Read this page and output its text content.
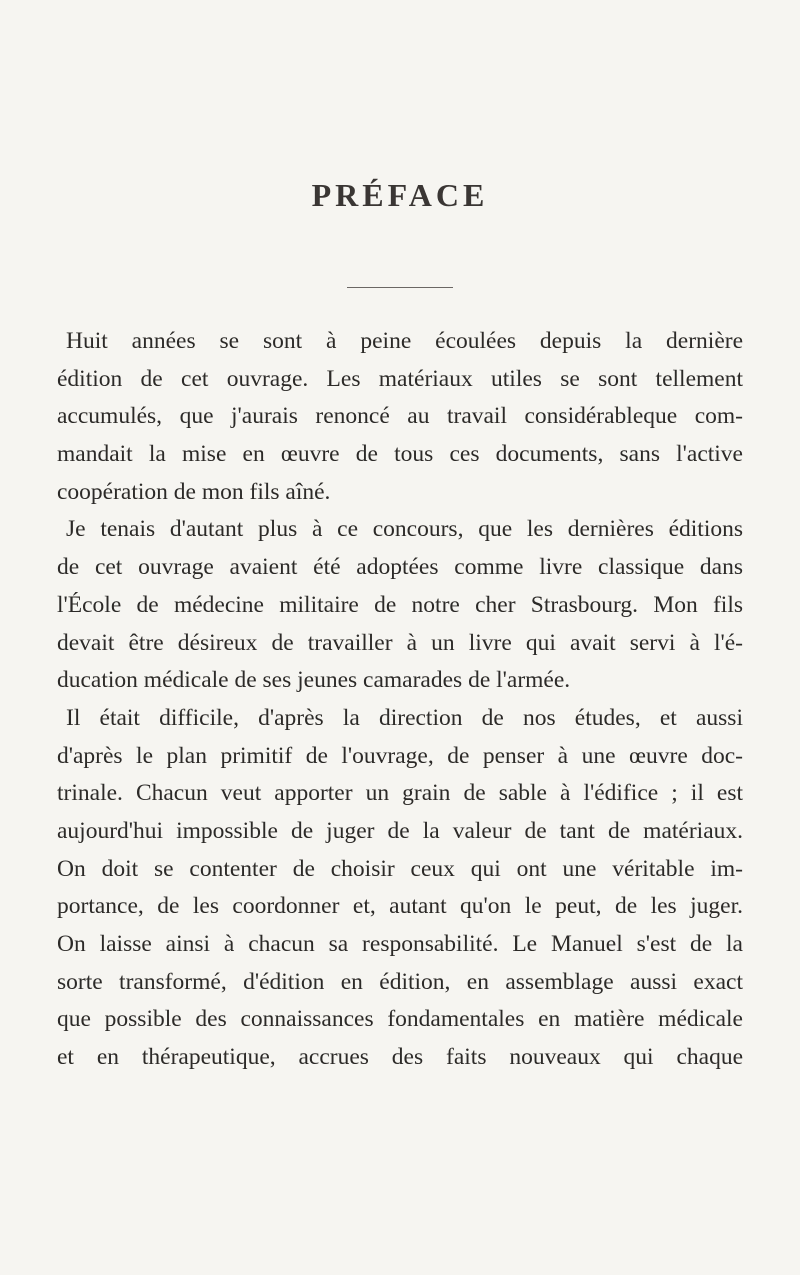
PRÉFACE
Huit années se sont à peine écoulées depuis la dernière
édition de cet ouvrage. Les matériaux utiles se sont tellement
accumulés, que j'aurais renoncé au travail considérableque com-
mandait la mise en œuvre de tous ces documents, sans l'active
coopération de mon fils aîné.
Je tenais d'autant plus à ce concours, que les dernières éditions
de cet ouvrage avaient été adoptées comme livre classique dans
l'École de médecine militaire de notre cher Strasbourg. Mon fils
devait être désireux de travailler à un livre qui avait servi à l'é-
ducation médicale de ses jeunes camarades de l'armée.
Il était difficile, d'après la direction de nos études, et aussi
d'après le plan primitif de l'ouvrage, de penser à une œuvre doc-
trinale. Chacun veut apporter un grain de sable à l'édifice ; il est
aujourd'hui impossible de juger de la valeur de tant de matériaux.
On doit se contenter de choisir ceux qui ont une véritable im-
portance, de les coordonner et, autant qu'on le peut, de les juger.
On laisse ainsi à chacun sa responsabilité. Le Manuel s'est de la
sorte transformé, d'édition en édition, en assemblage aussi exact
que possible des connaissances fondamentales en matière médicale
et en thérapeutique, accrues des faits nouveaux qui chaque
